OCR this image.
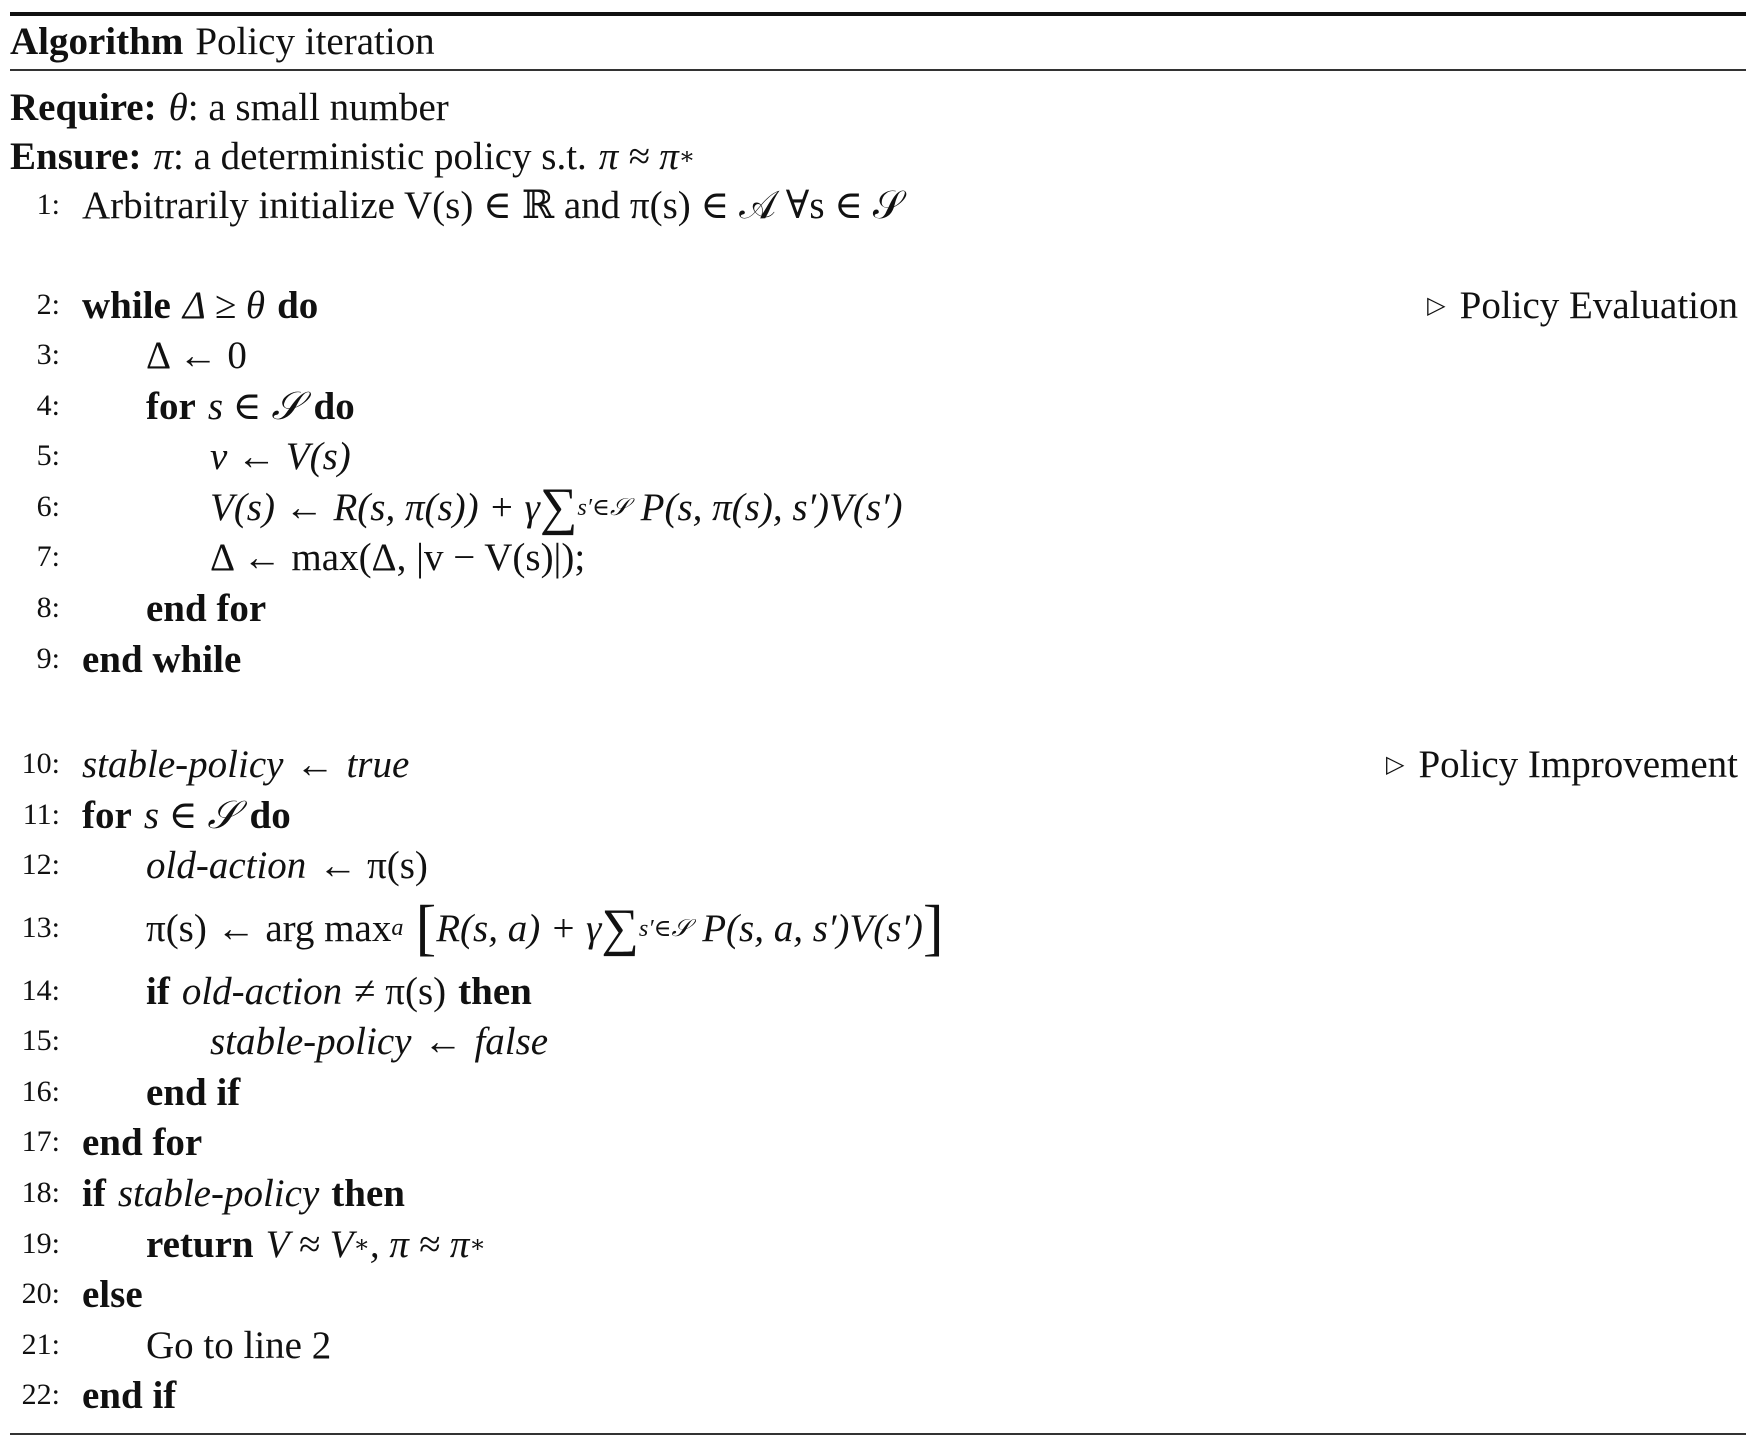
Algorithm Policy iteration
Require: θ : a small number
Ensure: π : a deterministic policy s.t. π ≈ π ∗
1: Arbitrarily initialize V(s) ∈ ℝ and π(s) ∈ 𝒜 ∀s ∈ 𝒮
2: while Δ ≥ θ do	▷ Policy Evaluation
3: Δ ← 0
4: for s ∈ 𝒮 do
5:	v ← V(s)
6:	V(s) ← R(s, π(s)) + γ ∑ s′∈𝒮 P(s, π(s), s′)V(s′)
7:	Δ ← max(Δ, |v − V(s)|);
8: end for
9: end while
10: stable-policy ← true	▷ Policy Improvement
11: for s ∈ 𝒮 do
12: old-action ← π(s)
13: π(s) ← arg max a [ R(s, a) + γ ∑ s′∈𝒮 P(s, a, s′)V(s′) ]
14: if old-action ≠ π(s) then
15:	stable-policy ← false
16: end if
17: end for
18: if stable-policy then
19: return V ≈ V ∗ , π ≈ π ∗
20: else
21: Go to line 2
22: end if
